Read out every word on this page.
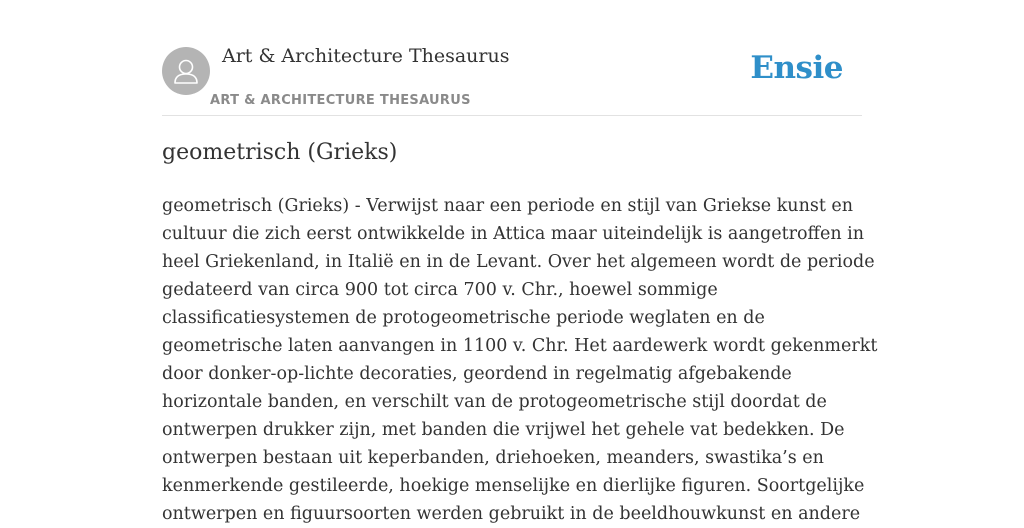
Art & Architecture Thesaurus
ART & ARCHITECTURE THESAURUS
Ensie
geometrisch (Grieks)

geometrisch (Grieks) - Verwijst naar een periode en stijl van Griekse kunst en
cultuur die zich eerst ontwikkelde in Attica maar uiteindelijk is aangetroffen in
heel Griekenland, in Italië en in de Levant. Over het algemeen wordt de periode
gedateerd van circa 900 tot circa 700 v. Chr., hoewel sommige
classificatiesystemen de protogeometrische periode weglaten en de
geometrische laten aanvangen in 1100 v. Chr. Het aardewerk wordt gekenmerkt
door donker-op-lichte decoraties, geordend in regelmatig afgebakende
horizontale banden, en verschilt van de protogeometrische stijl doordat de
ontwerpen drukker zijn, met banden die vrijwel het gehele vat bedekken. De
ontwerpen bestaan uit keperbanden, driehoeken, meanders, swastika’s en
kenmerkende gestileerde, hoekige menselijke en dierlijke figuren. Soortgelijke
ontwerpen en figuursoorten werden gebruikt in de beeldhouwkunst en andere
